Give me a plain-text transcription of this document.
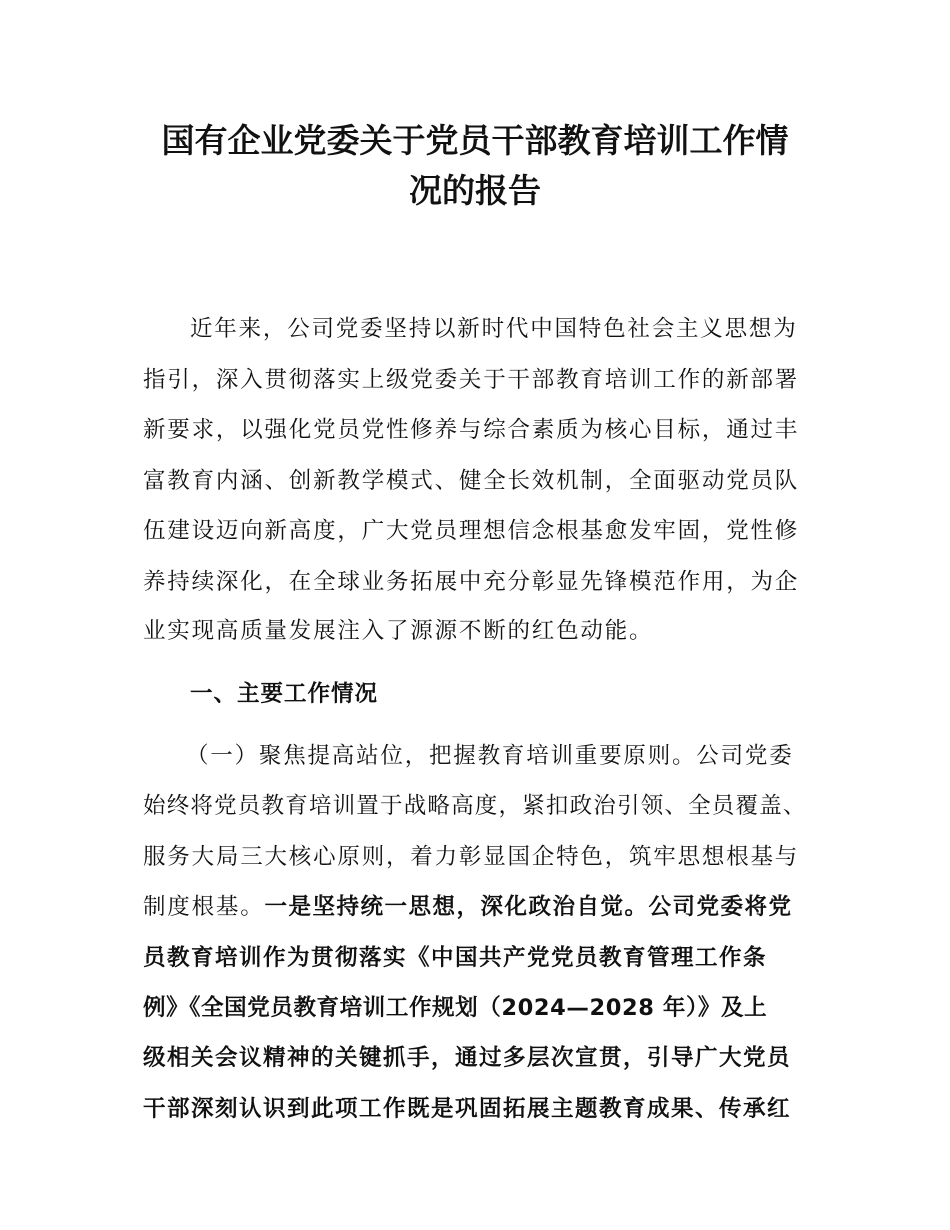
国有企业党委关于党员干部教育培训工作情
况的报告
近年来，公司党委坚持以新时代中国特色社会主义思想为
指引，深入贯彻落实上级党委关于干部教育培训工作的新部署
新要求，以强化党员党性修养与综合素质为核心目标，通过丰
富教育内涵、创新教学模式、健全长效机制，全面驱动党员队
伍建设迈向新高度，广大党员理想信念根基愈发牢固，党性修
养持续深化，在全球业务拓展中充分彰显先锋模范作用，为企
业实现高质量发展注入了源源不断的红色动能。
一、主要工作情况
（一）聚焦提高站位，把握教育培训重要原则。公司党委
始终将党员教育培训置于战略高度，紧扣政治引领、全员覆盖、
服务大局三大核心原则，着力彰显国企特色，筑牢思想根基与
制度根基。一是坚持统一思想，深化政治自觉。公司党委将党
员教育培训作为贯彻落实《中国共产党党员教育管理工作条
例》《全国党员教育培训工作规划（2024—2028 年）》及上
级相关会议精神的关键抓手，通过多层次宣贯，引导广大党员
干部深刻认识到此项工作既是巩固拓展主题教育成果、传承红
